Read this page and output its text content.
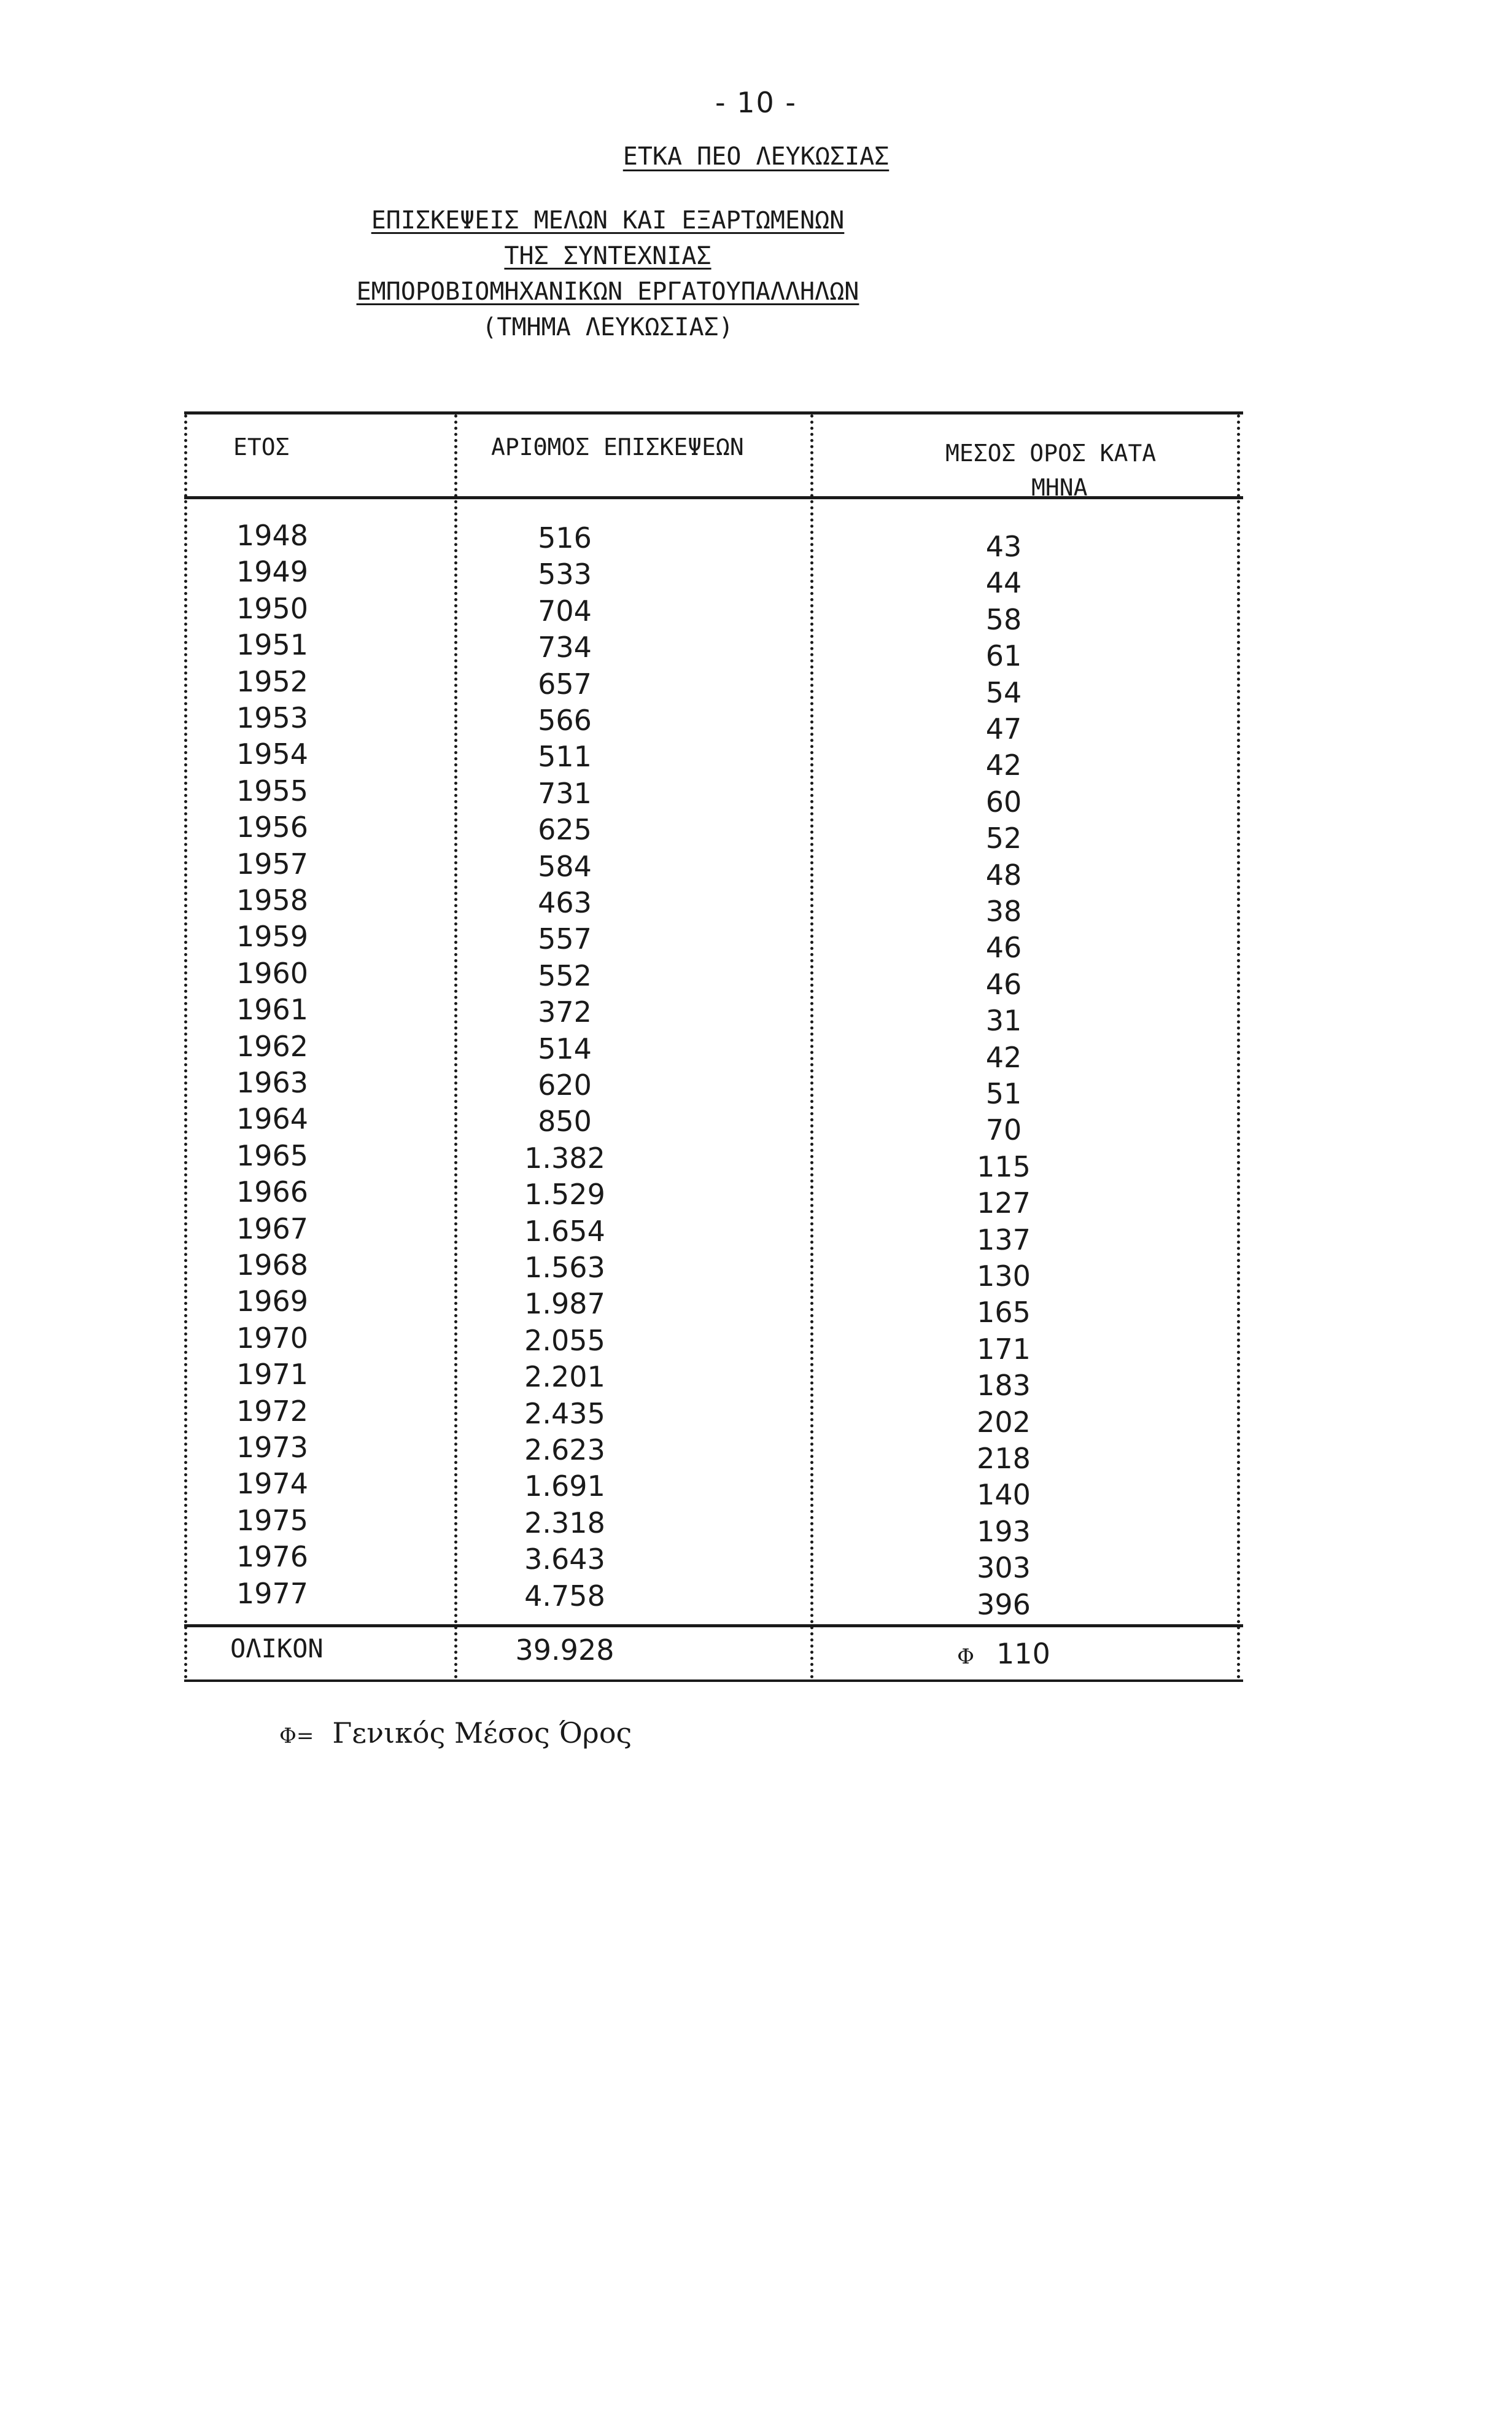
- 10 -
ΕΤΚΑ ΠΕΟ ΛΕΥΚΩΣΙΑΣ
ΕΠΙΣΚΕΨΕΙΣ ΜΕΛΩΝ ΚΑΙ ΕΞΑΡΤΩΜΕΝΩΝ
ΤΗΣ ΣΥΝΤΕΧΝΙΑΣ
ΕΜΠΟΡΟΒΙΟΜΗΧΑΝΙΚΩΝ ΕΡΓΑΤΟΥΠΑΛΛΗΛΩΝ
(ΤΜΗΜΑ ΛΕΥΚΩΣΙΑΣ)
ΕΤΟΣ	ΑΡΙΘΜΟΣ ΕΠΙΣΚΕΨΕΩΝ	ΜΕΣΟΣ ΟΡΟΣ ΚΑΤΑ
ΜΗΝΑ
1948	516	43
1949	533	44
1950	704	58
1951	734	61
1952	657	54
1953	566	47
1954	511	42
1955	731	60
1956	625	52
1957	584	48
1958	463	38
1959	557	46
1960	552	46
1961	372	31
1962	514	42
1963	620	51
1964	850	70
1965	1.382	115
1966	1.529	127
1967	1.654	137
1968	1.563	130
1969	1.987	165
1970	2.055	171
1971	2.201	183
1972	2.435	202
1973	2.623	218
1974	1.691	140
1975	2.318	193
1976	3.643	303
1977	4.758	396
ΟΛΙΚΟΝ	39.928	Φ 110
Φ= Γενικός Μέσος Όρος
